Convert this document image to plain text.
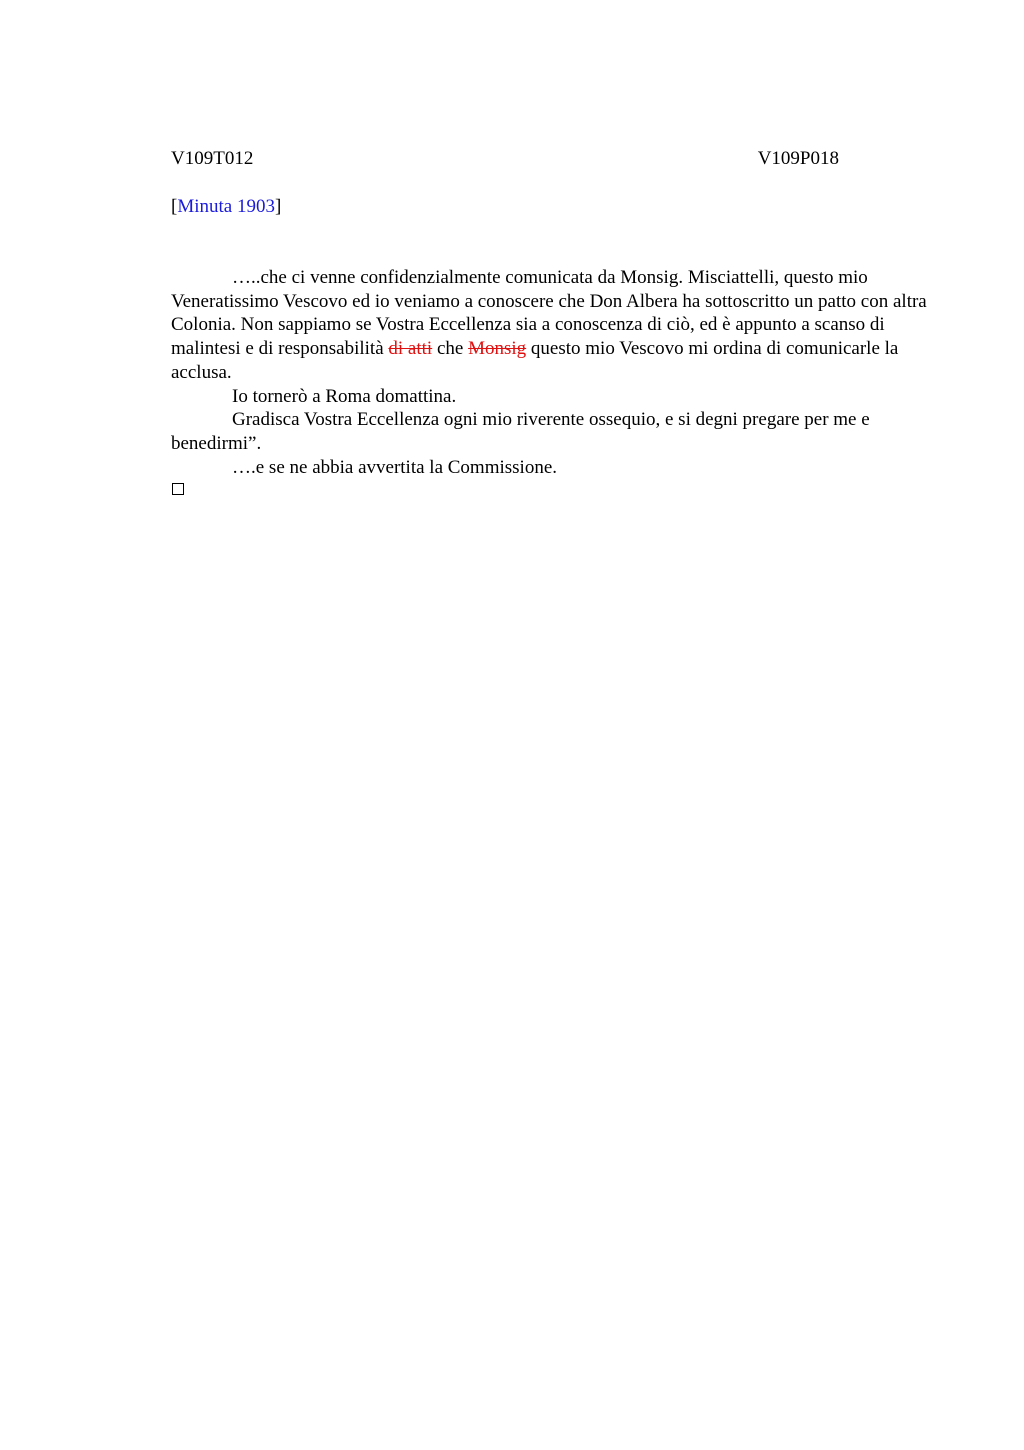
V109T012	V109P018
[Minuta 1903]

…..che ci venne confidenzialmente comunicata da Monsig. Misciattelli, questo mio Veneratissimo Vescovo ed io veniamo a conoscere che Don Albera ha sottoscritto un patto con altra Colonia. Non sappiamo se Vostra Eccellenza sia a conoscenza di ciò, ed è appunto a scanso di malintesi e di responsabilità di atti che Monsig questo mio Vescovo mi ordina di comunicarle la acclusa.

Io tornerò a Roma domattina.

Gradisca Vostra Eccellenza ogni mio riverente ossequio, e si degni pregare per me e benedirmi”.

….e se ne abbia avvertita la Commissione.
